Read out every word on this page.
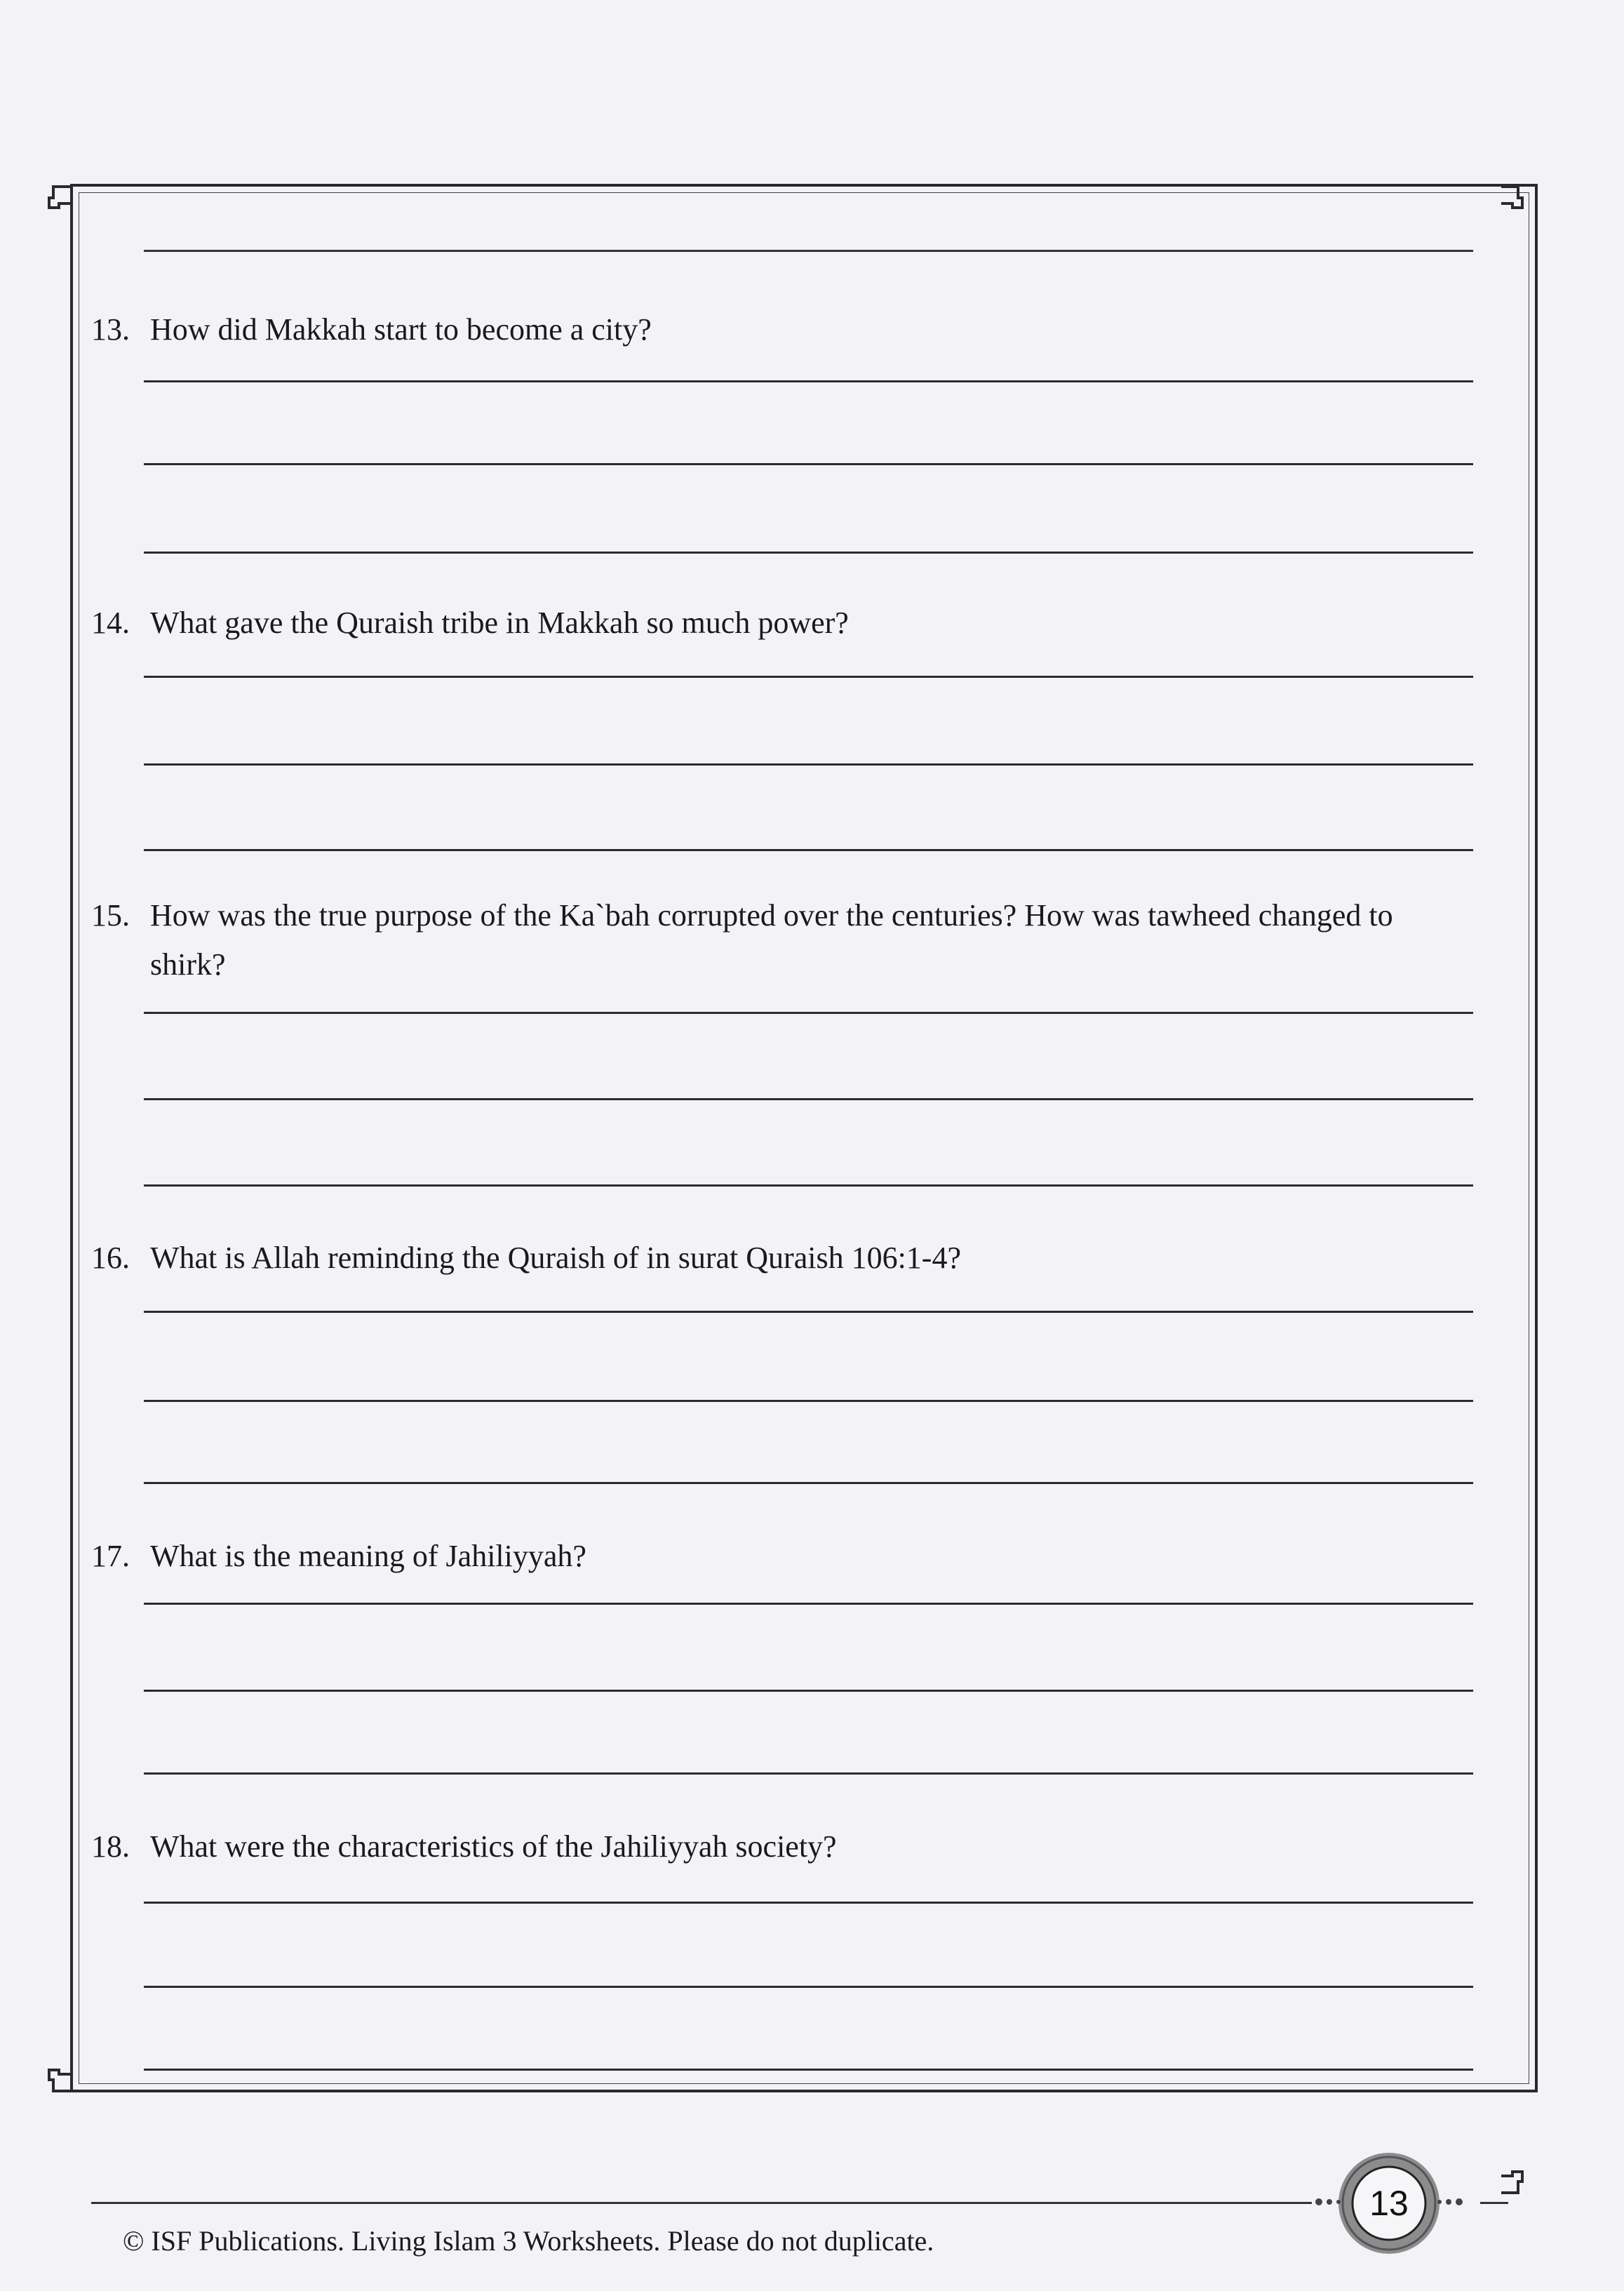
13. How did Makkah start to become a city?
14. What gave the Quraish tribe in Makkah so much power?
15. How was the true purpose of the Ka`bah corrupted over the centuries? How was tawheed changed to shirk?
16. What is Allah reminding the Quraish of in surat Quraish 106:1-4?
17. What is the meaning of Jahiliyyah?
18. What were the characteristics of the Jahiliyyah society?
13
© ISF Publications. Living Islam 3 Worksheets. Please do not duplicate.
